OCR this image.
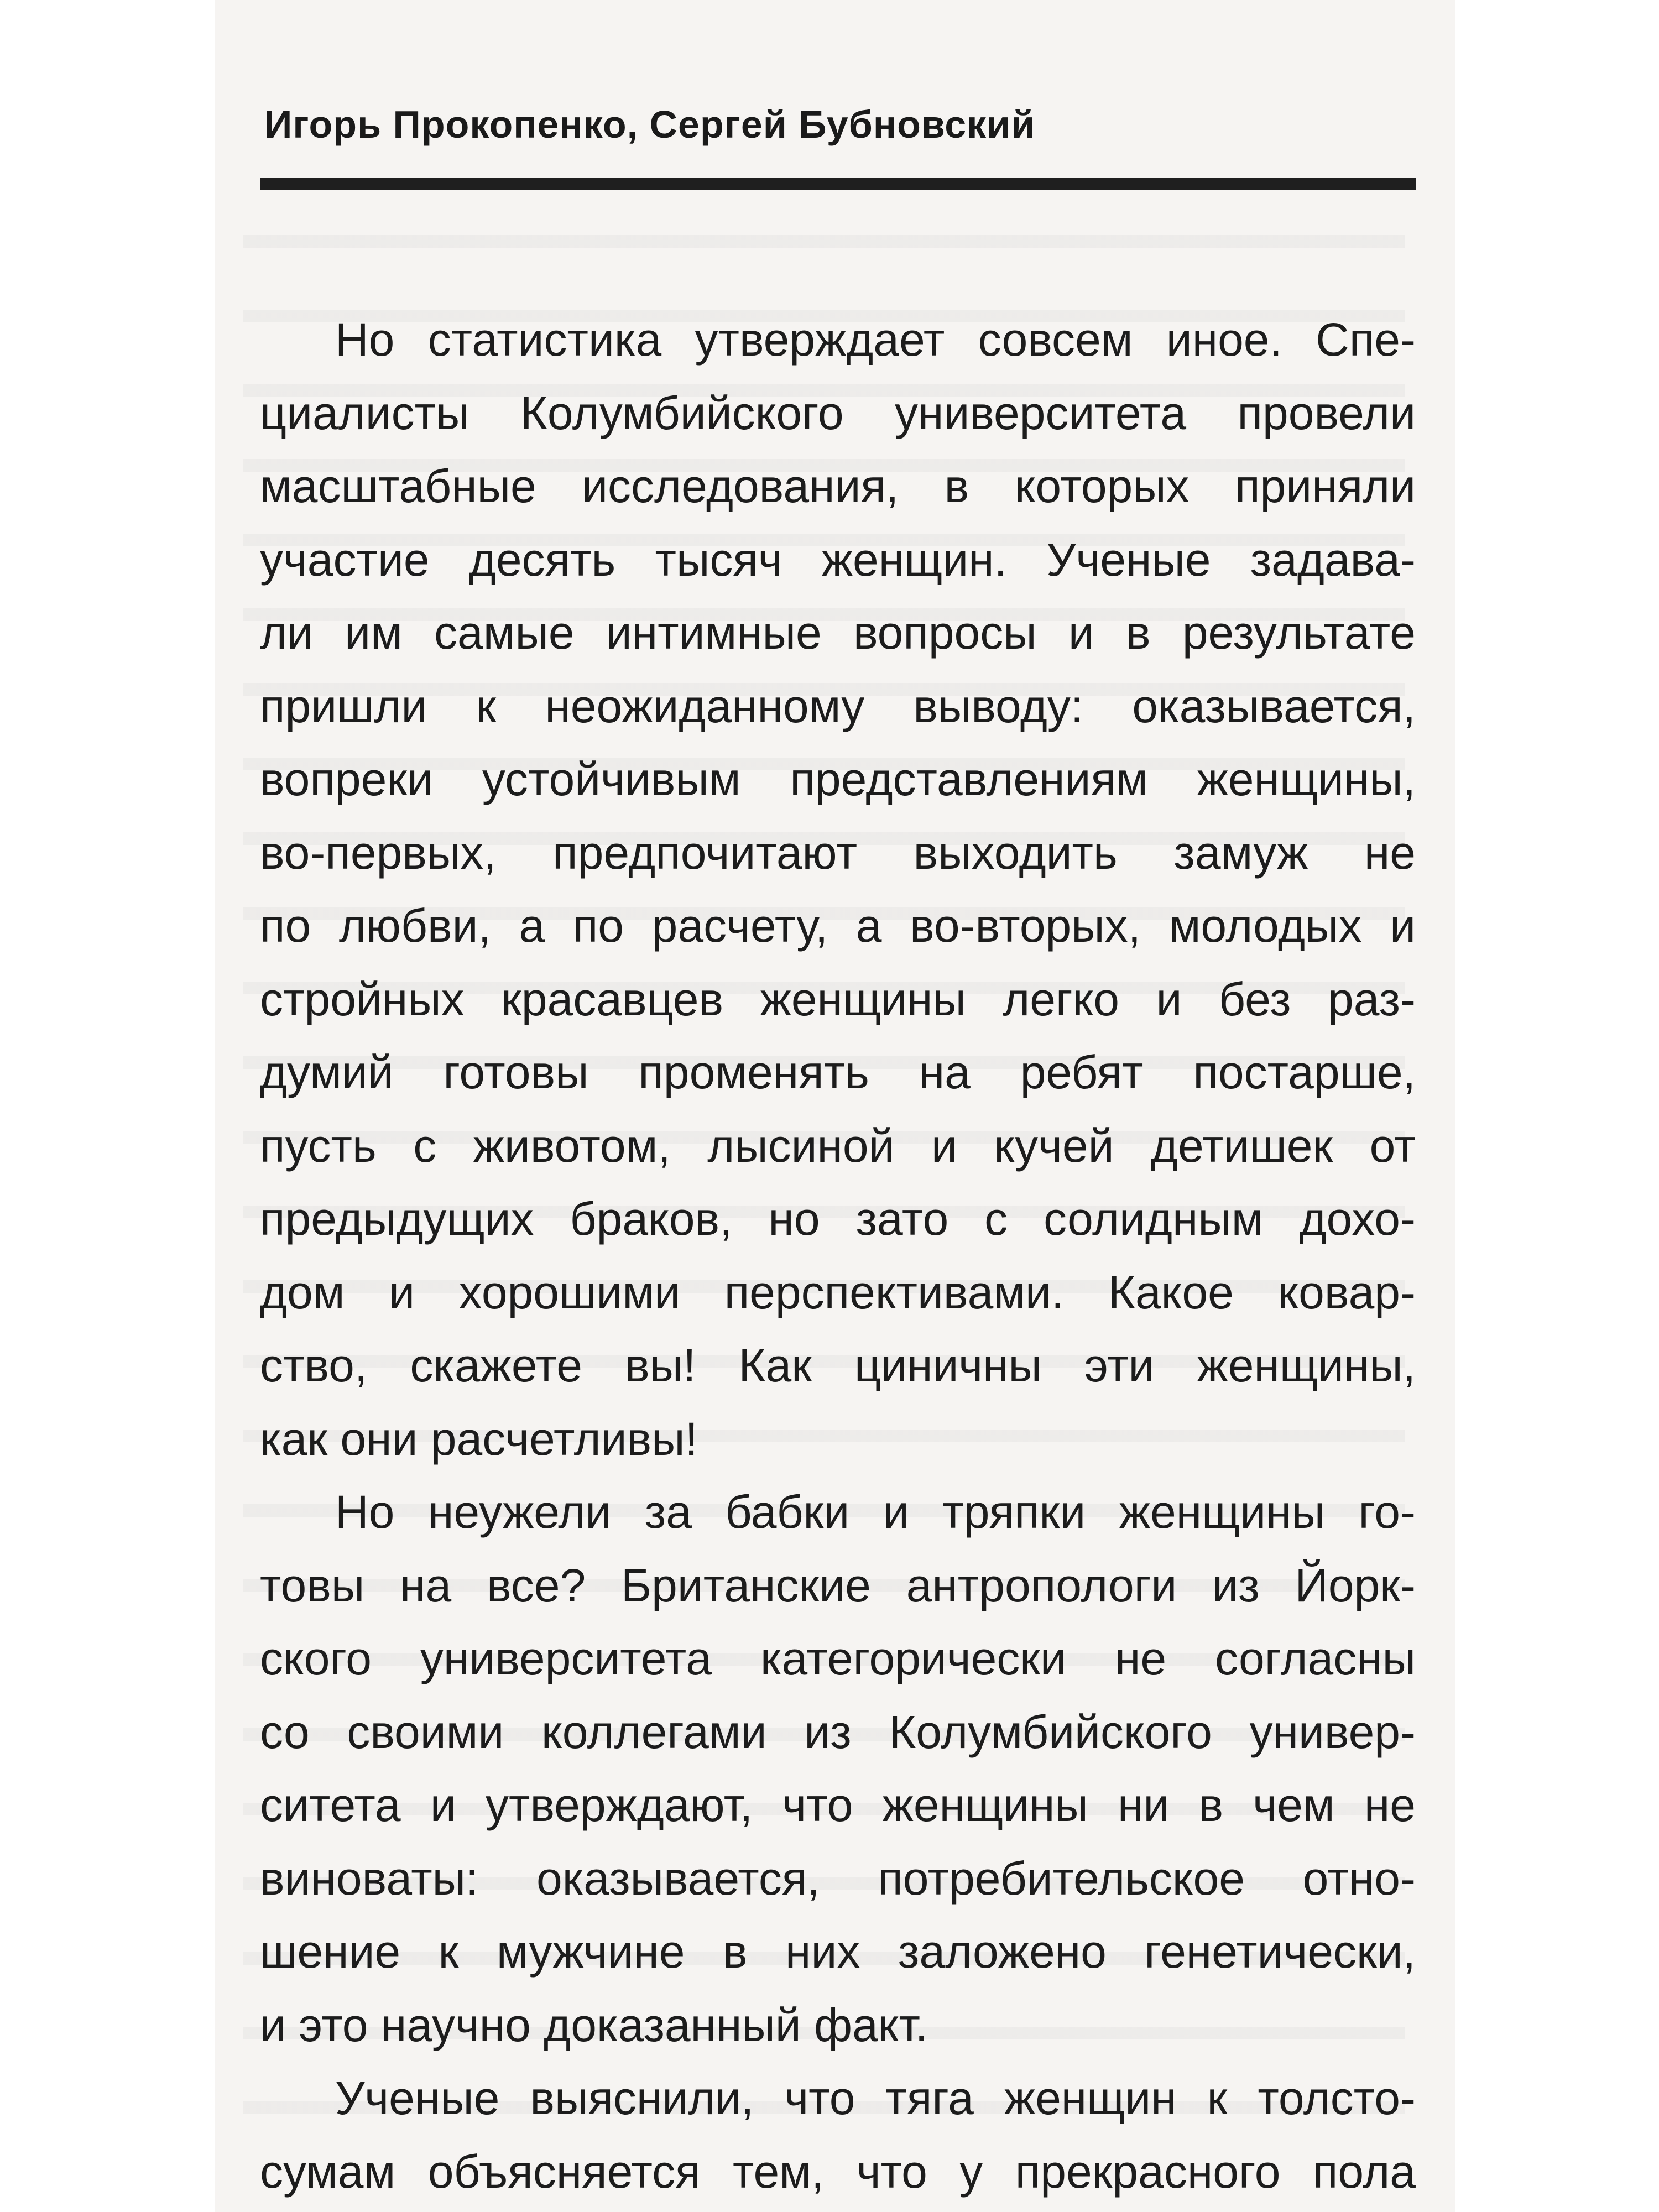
Игорь Прокопенко, Сергей Бубновский
Но статистика утверждает совсем иное. Спе-
циалисты Колумбийского университета провели
масштабные исследования, в которых приняли
участие десять тысяч женщин. Ученые задава-
ли им самые интимные вопросы и в результате
пришли к неожиданному выводу: оказывается,
вопреки устойчивым представлениям женщины,
во-первых, предпочитают выходить замуж не
по любви, а по расчету, а во-вторых, молодых и
стройных красавцев женщины легко и без раз-
думий готовы променять на ребят постарше,
пусть с животом, лысиной и кучей детишек от
предыдущих браков, но зато с солидным дохо-
дом и хорошими перспективами. Какое ковар-
ство, скажете вы! Как циничны эти женщины,
как они расчетливы!
Но неужели за бабки и тряпки женщины го-
товы на все? Британские антропологи из Йорк-
ского университета категорически не согласны
со своими коллегами из Колумбийского универ-
ситета и утверждают, что женщины ни в чем не
виноваты: оказывается, потребительское отно-
шение к мужчине в них заложено генетически,
и это научно доказанный факт.
Ученые выяснили, что тяга женщин к толсто-
сумам объясняется тем, что у прекрасного пола
